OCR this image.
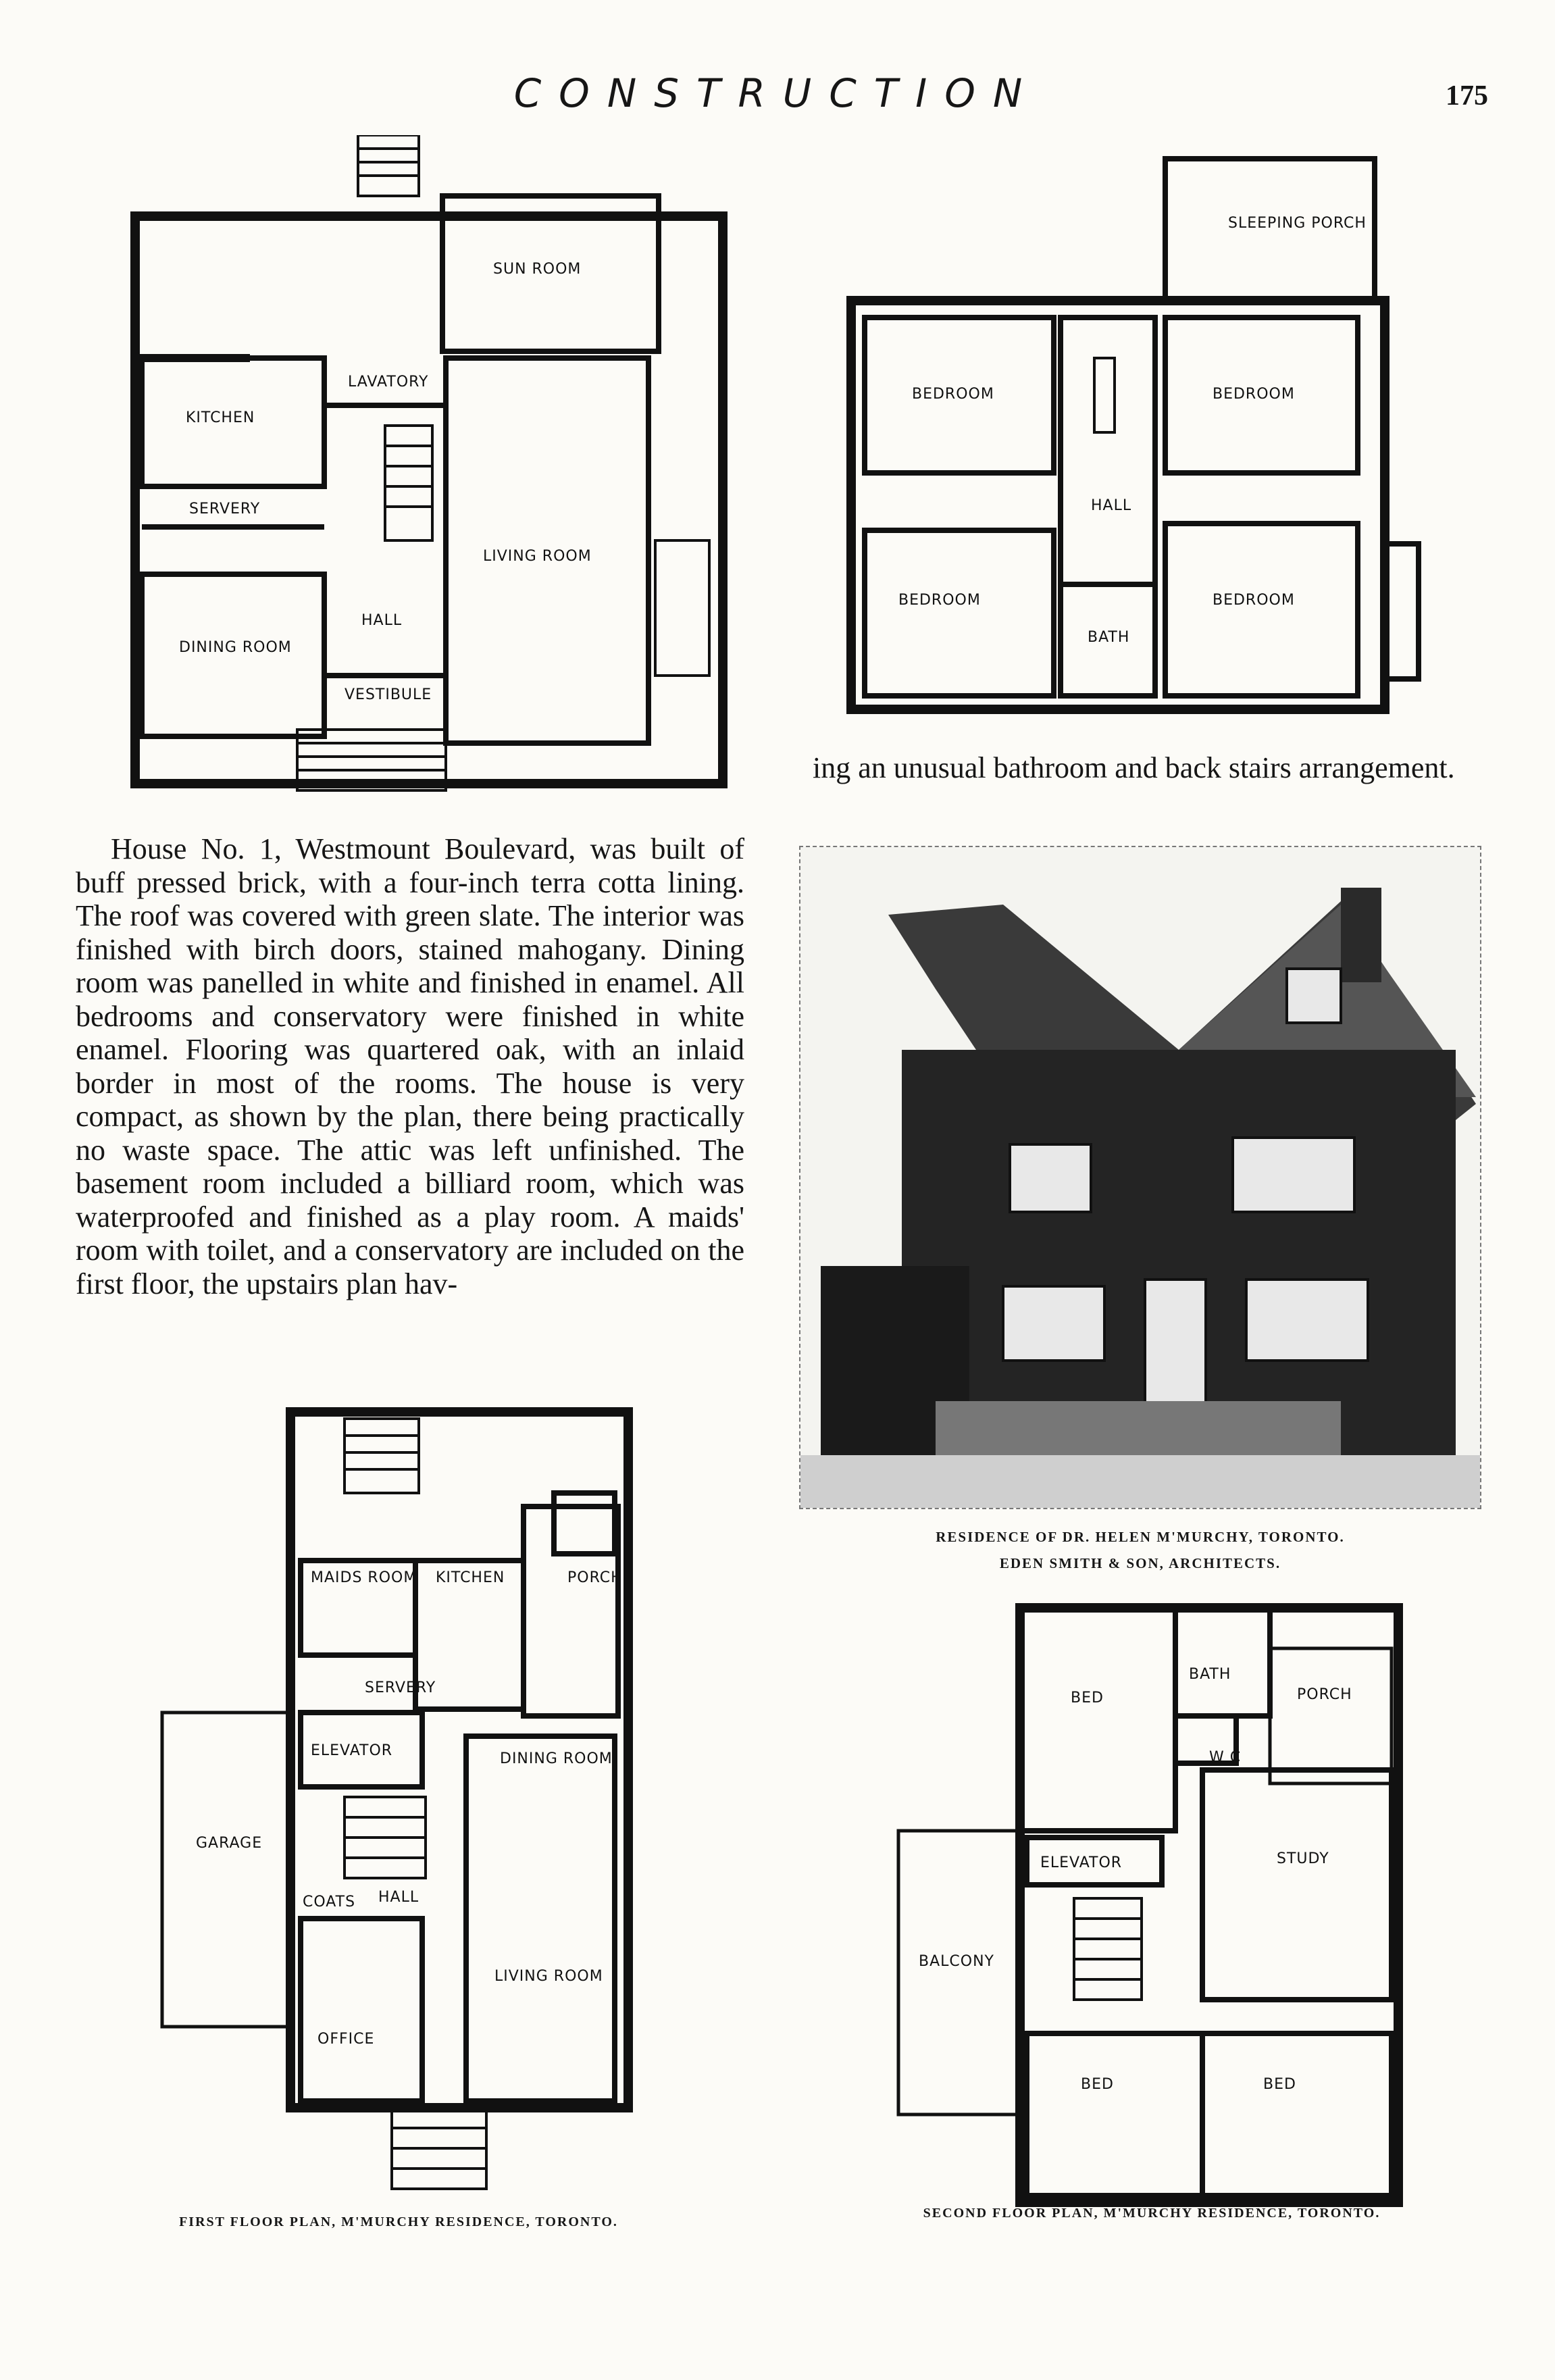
CONSTRUCTION	175
SUN ROOM
KITCHEN
LAVATORY
SERVERY
LIVING ROOM
HALL
DINING ROOM
VESTIBULE
SLEEPING PORCH
BEDROOM	BEDROOM
HALL
BEDROOM
BATH
BEDROOM

ing an unusual bathroom and back stairs arrangement.

House No. 1, Westmount Boulevard, was built of buff pressed brick, with a four-inch terra cotta lining. The roof was covered with green slate. The interior was finished with birch doors, stained mahogany. Dining room was panelled in white and finished in enamel. All bedrooms and conservatory were finished in white enamel. Flooring was quartered oak, with an inlaid border in most of the rooms. The house is very compact, as shown by the plan, there being practically no waste space. The attic was left unfinished. The basement room included a billiard room, which was waterproofed and finished as a play room. A maids' room with toilet, and a conservatory are included on the first floor, the upstairs plan hav-

RESIDENCE OF DR. HELEN M'MURCHY, TORONTO.
EDEN SMITH & SON, ARCHITECTS.
MAIDS ROOM KITCHEN	PORCH
SERVERY
ELEVATOR	DINING ROOM
GARAGE
COATS HALL
LIVING ROOM
OFFICE
FIRST FLOOR PLAN, M'MURCHY RESIDENCE, TORONTO.
BED
BATH
PORCH
W C
ELEVATOR	STUDY
BALCONY
BED	BED
SECOND FLOOR PLAN, M'MURCHY RESIDENCE, TORONTO.
